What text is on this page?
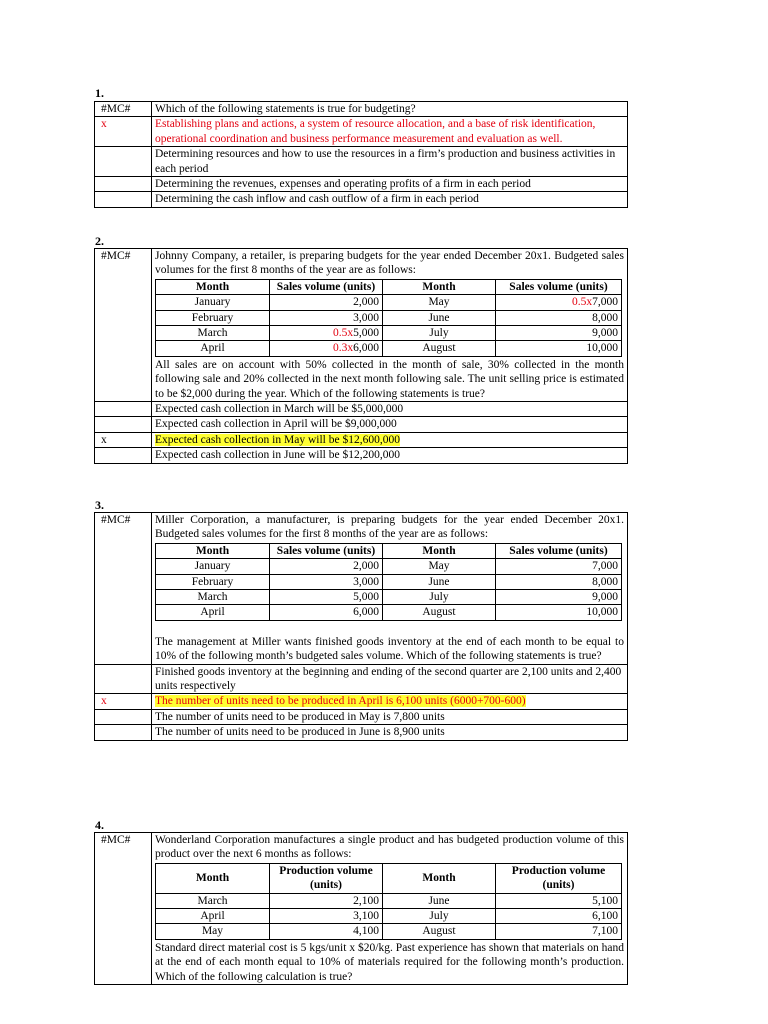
1.
#MC#	Which of the following statements is true for budgeting?
x	Establishing plans and actions, a system of resource allocation, and a base of risk identification, operational coordination and business performance measurement and evaluation as well.
	Determining resources and how to use the resources in a firm’s production and business activities in each period
	Determining the revenues, expenses and operating profits of a firm in each period
	Determining the cash inflow and cash outflow of a firm in each period
2.
#MC#	Johnny Company, a retailer, is preparing budgets for the year ended December 20x1. Budgeted sales volumes for the first 8 months of the year are as follows:
Month	Sales volume (units)	Month	Sales volume (units)
January	2,000	May	0.5x7,000
February	3,000	June	8,000
March	0.5x5,000	July	9,000
April	0.3x6,000	August	10,000
All sales are on account with 50% collected in the month of sale, 30% collected in the month following sale and 20% collected in the next month following sale. The unit selling price is estimated to be $2,000 during the year. Which of the following statements is true?

	Expected cash collection in March will be $5,000,000
	Expected cash collection in April will be $9,000,000
x	Expected cash collection in May will be $12,600,000
	Expected cash collection in June will be $12,200,000
3.
#MC#	Miller Corporation, a manufacturer, is preparing budgets for the year ended December 20x1. Budgeted sales volumes for the first 8 months of the year are as follows:
Month	Sales volume (units)	Month	Sales volume (units)
January	2,000	May	7,000
February	3,000	June	8,000
March	5,000	July	9,000
April	6,000	August	10,000
The management at Miller wants finished goods inventory at the end of each month to be equal to 10% of the following month’s budgeted sales volume. Which of the following statements is true?

	Finished goods inventory at the beginning and ending of the second quarter are 2,100 units and 2,400 units respectively
x	The number of units need to be produced in April is 6,100 units (6000+700-600)
	The number of units need to be produced in May is 7,800 units
	The number of units need to be produced in June is 8,900 units
4.
#MC#	Wonderland Corporation manufactures a single product and has budgeted production volume of this product over the next 6 months as follows:
Month	Production volume (units)	Month	Production volume (units)
March	2,100	June	5,100
April	3,100	July	6,100
May	4,100	August	7,100
Standard direct material cost is 5 kgs/unit x $20/kg. Past experience has shown that materials on hand at the end of each month equal to 10% of materials required for the following month’s production. Which of the following calculation is true?
